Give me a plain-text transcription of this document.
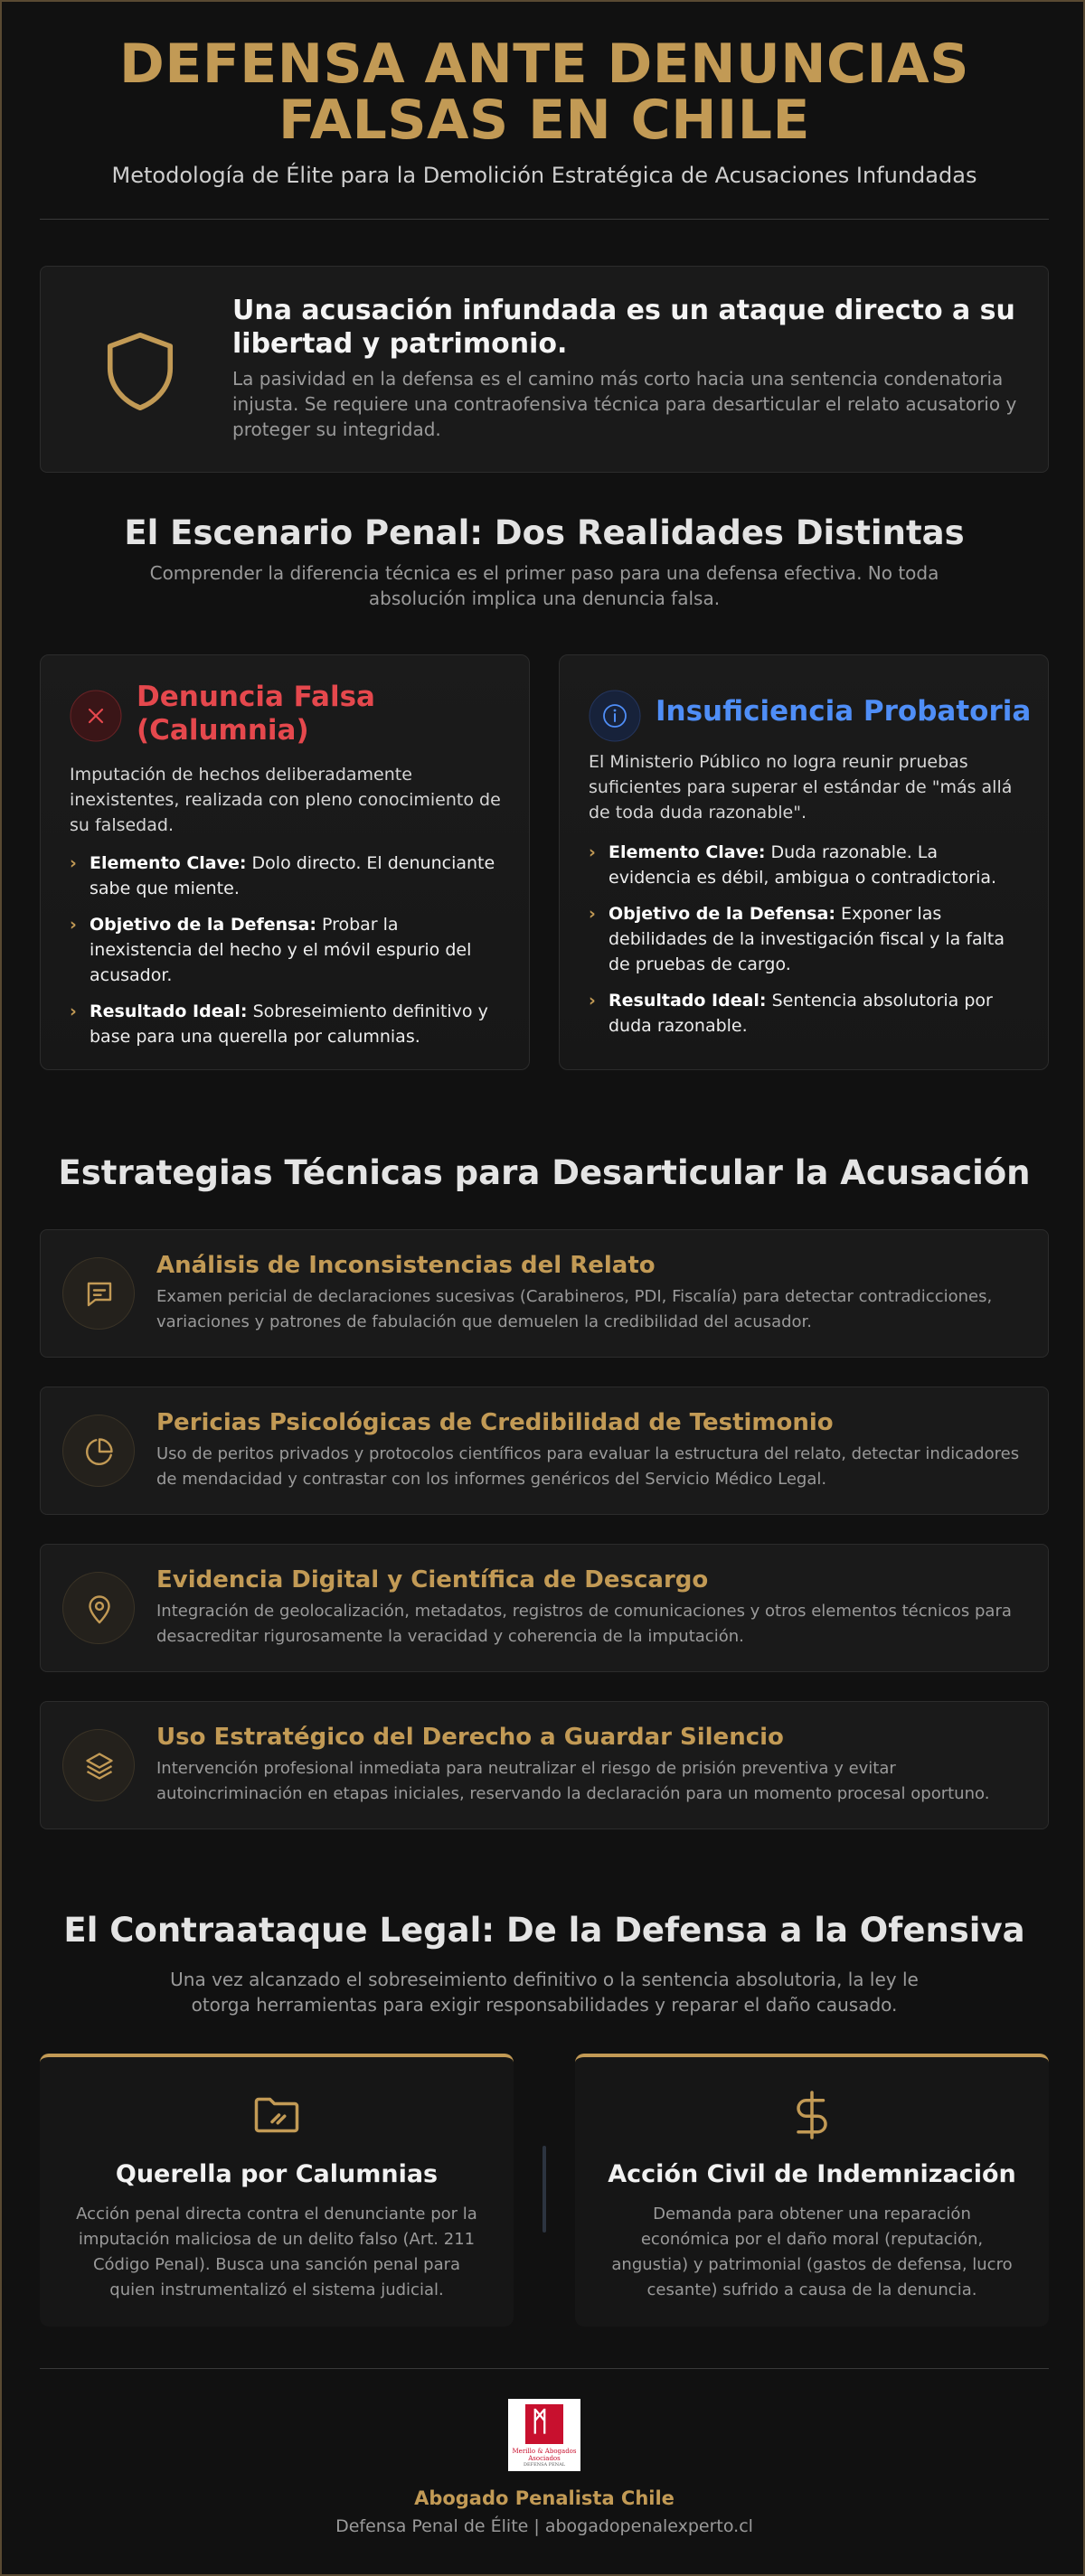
DEFENSA ANTE DENUNCIAS
FALSAS EN CHILE
Metodología de Élite para la Demolición Estratégica de Acusaciones Infundadas
Una acusación infundada es un ataque directo a su libertad y patrimonio.

La pasividad en la defensa es el camino más corto hacia una sentencia condenatoria injusta. Se requiere una contraofensiva técnica para desarticular el relato acusatorio y proteger su integridad.

El Escenario Penal: Dos Realidades Distintas
Comprender la diferencia técnica es el primer paso para una defensa efectiva. No toda absolución implica una denuncia falsa.
Denuncia Falsa (Calumnia)
Imputación de hechos deliberadamente inexistentes, realizada con pleno conocimiento de su falsedad.
› Elemento Clave: Dolo directo. El denunciante sabe que miente.
› Objetivo de la Defensa: Probar la inexistencia del hecho y el móvil espurio del acusador.
› Resultado Ideal: Sobreseimiento definitivo y base para una querella por calumnias.
Insuficiencia Probatoria
El Ministerio Público no logra reunir pruebas suficientes para superar el estándar de "más allá de toda duda razonable".
› Elemento Clave: Duda razonable. La evidencia es débil, ambigua o contradictoria.
› Objetivo de la Defensa: Exponer las debilidades de la investigación fiscal y la falta de pruebas de cargo.
› Resultado Ideal: Sentencia absolutoria por duda razonable.
Estrategias Técnicas para Desarticular la Acusación
Análisis de Inconsistencias del Relato

Examen pericial de declaraciones sucesivas (Carabineros, PDI, Fiscalía) para detectar contradicciones, variaciones y patrones de fabulación que demuelen la credibilidad del acusador.

Pericias Psicológicas de Credibilidad de Testimonio

Uso de peritos privados y protocolos científicos para evaluar la estructura del relato, detectar indicadores de mendacidad y contrastar con los informes genéricos del Servicio Médico Legal.

Evidencia Digital y Científica de Descargo

Integración de geolocalización, metadatos, registros de comunicaciones y otros elementos técnicos para desacreditar rigurosamente la veracidad y coherencia de la imputación.

Uso Estratégico del Derecho a Guardar Silencio

Intervención profesional inmediata para neutralizar el riesgo de prisión preventiva y evitar autoincriminación en etapas iniciales, reservando la declaración para un momento procesal oportuno.

El Contraataque Legal: De la Defensa a la Ofensiva
Una vez alcanzado el sobreseimiento definitivo o la sentencia absolutoria, la ley le otorga herramientas para exigir responsabilidades y reparar el daño causado.
Querella por Calumnias

Acción penal directa contra el denunciante por la imputación maliciosa de un delito falso (Art. 211 Código Penal). Busca una sanción penal para quien instrumentalizó el sistema judicial.

Acción Civil de Indemnización

Demanda para obtener una reparación económica por el daño moral (reputación, angustia) y patrimonial (gastos de defensa, lucro cesante) sufrido a causa de la denuncia.

ᛗ
Merillo & Abogados Asociados
DEFENSA PENAL
Abogado Penalista Chile
Defensa Penal de Élite | abogadopenalexperto.cl
